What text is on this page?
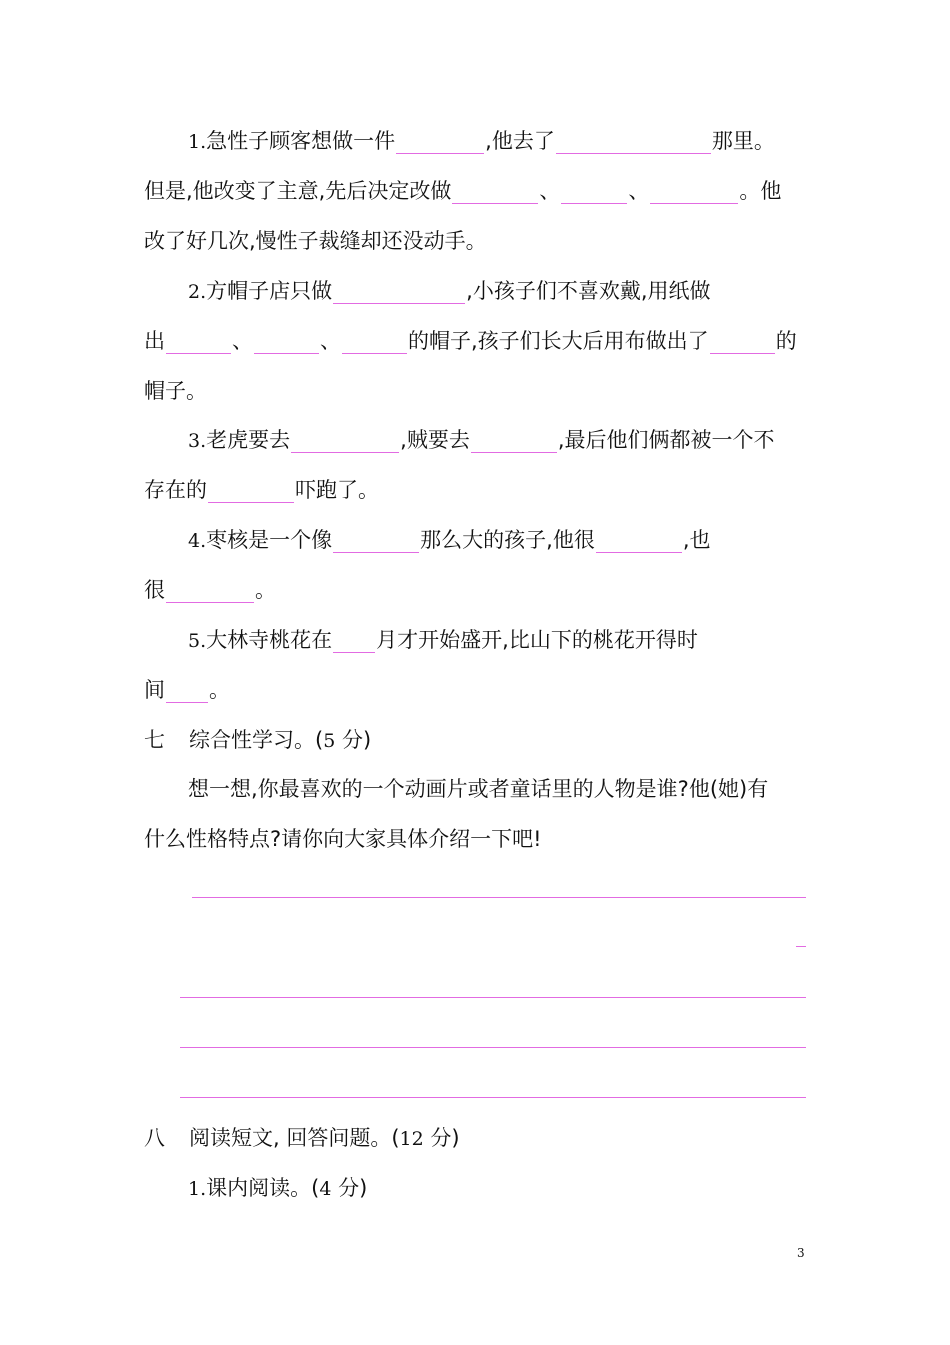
1.急性子顾客想做一件	,他去了	那里。
但是,他改变了主意,先后决定改做	、	、	。他
改了好几次,慢性子裁缝却还没动手。
2.方帽子店只做	,小孩子们不喜欢戴,用纸做
出	、	、	的帽子,孩子们长大后用布做出了	的
帽子。
3.老虎要去	,贼要去	,最后他们俩都被一个不
存在的	吓跑了。
4.枣核是一个像	那么大的孩子,他很	,也
很	。
5.大林寺桃花在 月才开始盛开,比山下的桃花开得时
间 。
七 综合性学习。(5 分)
想一想,你最喜欢的一个动画片或者童话里的人物是谁?他(她)有
什么性格特点?请你向大家具体介绍一下吧!
八 阅读短文, 回答问题。(12 分)
1.课内阅读。(4 分)
3
